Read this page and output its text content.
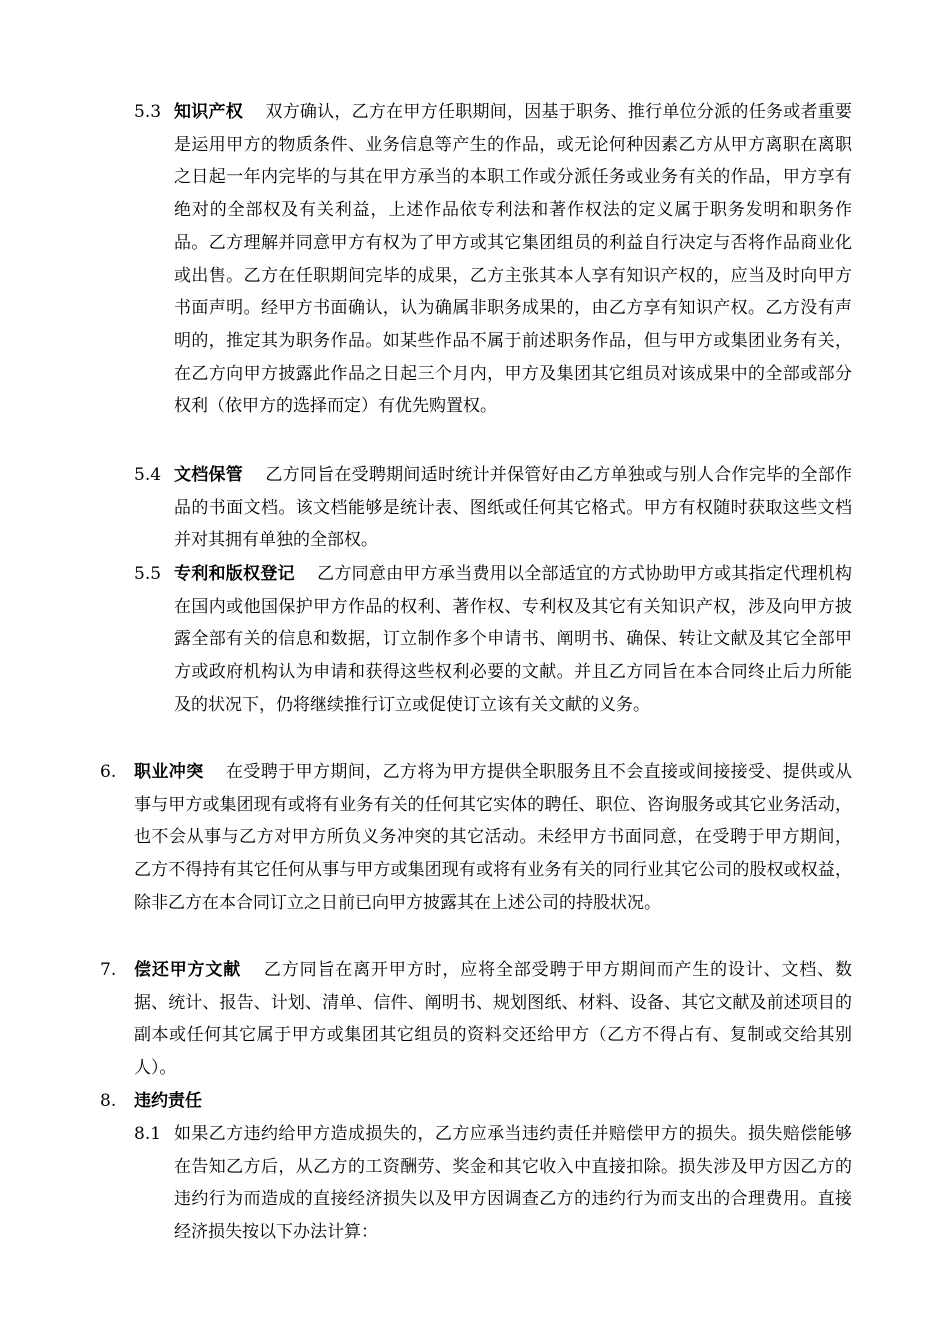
5.3 知识产权 双方确认，乙方在甲方任职期间，因基于职务、推行单位分派的任务或者重要是运用甲方的物质条件、业务信息等产生的作品，或无论何种因素乙方从甲方离职在离职之日起一年内完毕的与其在甲方承当的本职工作或分派任务或业务有关的作品，甲方享有绝对的全部权及有关利益，上述作品依专利法和著作权法的定义属于职务发明和职务作品。乙方理解并同意甲方有权为了甲方或其它集团组员的利益自行决定与否将作品商业化或出售。乙方在任职期间完毕的成果，乙方主张其本人享有知识产权的，应当及时向甲方书面声明。经甲方书面确认，认为确属非职务成果的，由乙方享有知识产权。乙方没有声明的，推定其为职务作品。如某些作品不属于前述职务作品，但与甲方或集团业务有关，在乙方向甲方披露此作品之日起三个月内，甲方及集团其它组员对该成果中的全部或部分权利（依甲方的选择而定）有优先购置权。
5.4 文档保管 乙方同旨在受聘期间适时统计并保管好由乙方单独或与别人合作完毕的全部作品的书面文档。该文档能够是统计表、图纸或任何其它格式。甲方有权随时获取这些文档并对其拥有单独的全部权。
5.5 专利和版权登记 乙方同意由甲方承当费用以全部适宜的方式协助甲方或其指定代理机构在国内或他国保护甲方作品的权利、著作权、专利权及其它有关知识产权，涉及向甲方披露全部有关的信息和数据，订立制作多个申请书、阐明书、确保、转让文献及其它全部甲方或政府机构认为申请和获得这些权利必要的文献。并且乙方同旨在本合同终止后力所能及的状况下，仍将继续推行订立或促使订立该有关文献的义务。
6. 职业冲突 在受聘于甲方期间，乙方将为甲方提供全职服务且不会直接或间接接受、提供或从事与甲方或集团现有或将有业务有关的任何其它实体的聘任、职位、咨询服务或其它业务活动，也不会从事与乙方对甲方所负义务冲突的其它活动。未经甲方书面同意，在受聘于甲方期间， 乙方不得持有其它任何从事与甲方或集团现有或将有业务有关的同行业其它公司的股权或权益，除非乙方在本合同订立之日前已向甲方披露其在上述公司的持股状况。
7. 偿还甲方文献 乙方同旨在离开甲方时，应将全部受聘于甲方期间而产生的设计、文档、数据、统计、报告、计划、清单、信件、阐明书、规划图纸、材料、设备、其它文献及前述项目的副本或任何其它属于甲方或集团其它组员的资料交还给甲方（乙方不得占有、复制或交给其别人）。
8. 违约责任
8.1 如果乙方违约给甲方造成损失的，乙方应承当违约责任并赔偿甲方的损失。损失赔偿能够在告知乙方后，从乙方的工资酬劳、奖金和其它收入中直接扣除。损失涉及甲方因乙方的违约行为而造成的直接经济损失以及甲方因调查乙方的违约行为而支出的合理费用。直接经济损失按以下办法计算：
